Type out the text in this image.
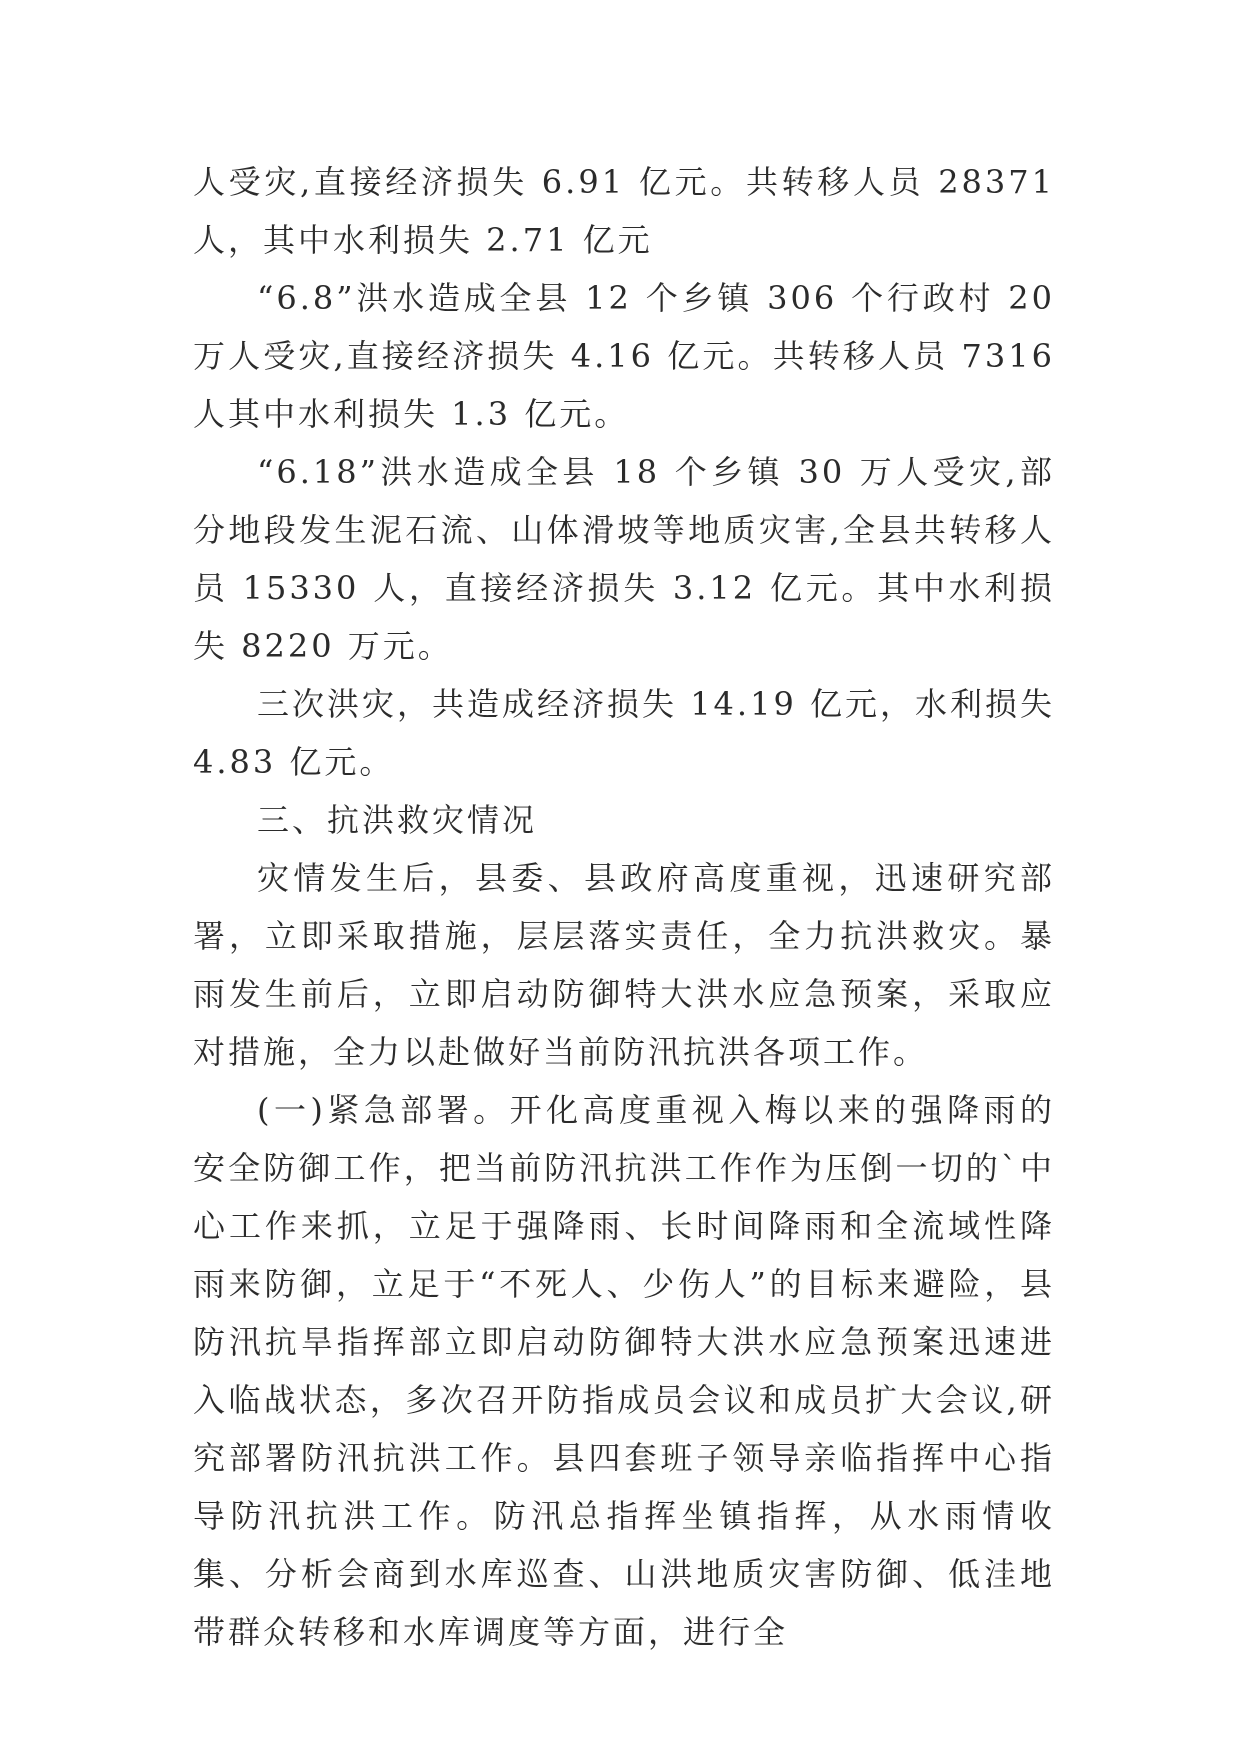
人受灾,直接经济损失 6.91 亿元。共转移人员 28371 人，其中水利损失 2.71 亿元

“6.8”洪水造成全县 12 个乡镇 306 个行政村 20 万人受灾,直接经济损失 4.16 亿元。共转移人员 7316 人其中水利损失 1.3 亿元。

“6.18”洪水造成全县 18 个乡镇 30 万人受灾,部分地段发生泥石流、山体滑坡等地质灾害,全县共转移人员 15330 人，直接经济损失 3.12 亿元。其中水利损失 8220 万元。

三次洪灾，共造成经济损失 14.19 亿元，水利损失 4.83 亿元。

三、抗洪救灾情况

灾情发生后，县委、县政府高度重视，迅速研究部署，立即采取措施，层层落实责任，全力抗洪救灾。暴雨发生前后，立即启动防御特大洪水应急预案，采取应对措施，全力以赴做好当前防汛抗洪各项工作。

(一)紧急部署。开化高度重视入梅以来的强降雨的安全防御工作，把当前防汛抗洪工作作为压倒一切的`中心工作来抓，立足于强降雨、长时间降雨和全流域性降雨来防御，立足于“不死人、少伤人”的目标来避险，县防汛抗旱指挥部立即启动防御特大洪水应急预案迅速进入临战状态，多次召开防指成员会议和成员扩大会议,研究部署防汛抗洪工作。县四套班子领导亲临指挥中心指导防汛抗洪工作。防汛总指挥坐镇指挥，从水雨情收集、分析会商到水库巡查、山洪地质灾害防御、低洼地带群众转移和水库调度等方面，进行全
